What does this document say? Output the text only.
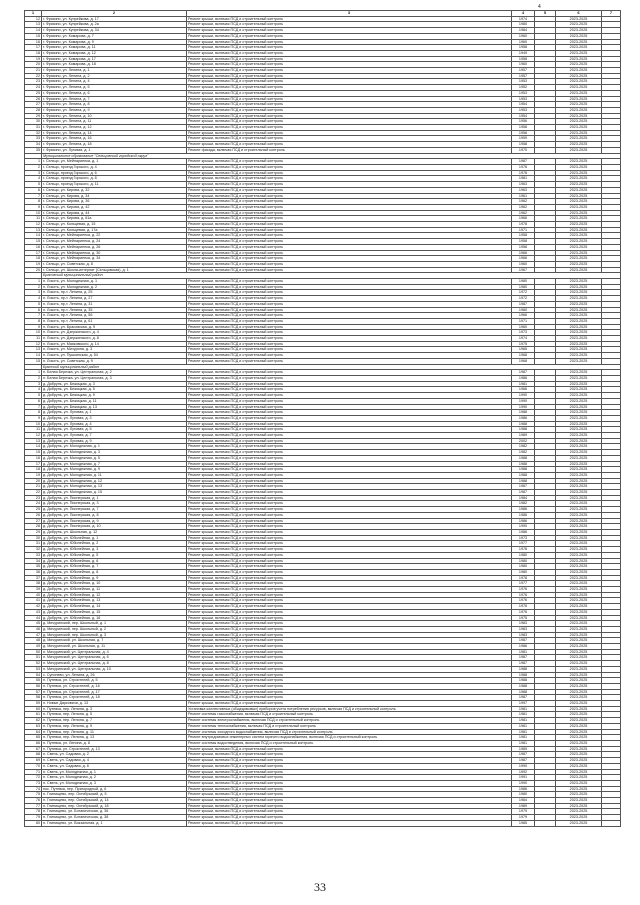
4
1	2	3	4	5	6	7
12	г. Фрязино, ул. Купрейкова, д. 17	Ремонт крыши, включая ПСД и строительный контроль	1974		2023-2025	
13	г. Фрязино, ул. Купрейкова, д. 2а	Ремонт крыши, включая ПСД и строительный контроль	1980		2023-2025	
14	г. Фрязино, ул. Купрейкова, д. 34	Ремонт крыши, включая ПСД и строительный контроль	1984		2023-2025	
15	г. Фрязино, ул. Комарова, д. 7	Ремонт крыши, включая ПСД и строительный контроль	1960		2023-2025	
16	г. Фрязино, ул. Комарова, д. 9	Ремонт крыши, включая ПСД и строительный контроль	1960		2023-2025	
17	г. Фрязино, ул. Комарова, д. 11	Ремонт крыши, включая ПСД и строительный контроль	1958		2023-2025	
18	г. Фрязино, ул. Комарова, д. 12	Ремонт крыши, включая ПСД и строительный контроль	1949		2023-2025	
19	г. Фрязино, ул. Комарова, д. 17	Ремонт крыши, включая ПСД и строительный контроль	1958		2023-2025	
20	г. Фрязино, ул. Комарова, д. 18	Ремонт крыши, включая ПСД и строительный контроль	1960		2023-2025	
21	г. Фрязино, ул. Ленина, д. 1	Ремонт крыши, включая ПСД и строительный контроль	1957		2023-2025	
22	г. Фрязино, ул. Ленина, д. 2	Ремонт крыши, включая ПСД и строительный контроль	1957		2023-2025	
23	г. Фрязино, ул. Ленина, д. 4	Ремонт крыши, включая ПСД и строительный контроль	1953		2023-2025	
24	г. Фрязино, ул. Ленина, д. 5	Ремонт крыши, включая ПСД и строительный контроль	1952		2023-2025	
25	г. Фрязино, ул. Ленина, д. 6	Ремонт крыши, включая ПСД и строительный контроль	1953		2023-2025	
26	г. Фрязино, ул. Ленина, д. 7	Ремонт крыши, включая ПСД и строительный контроль	1953		2023-2025	
27	г. Фрязино, ул. Ленина, д. 8	Ремонт крыши, включая ПСД и строительный контроль	1954		2023-2025	
28	г. Фрязино, ул. Ленина, д. 9	Ремонт крыши, включая ПСД и строительный контроль	1953		2023-2025	
29	г. Фрязино, ул. Ленина, д. 10	Ремонт крыши, включая ПСД и строительный контроль	1954		2023-2025	
30	г. Фрязино, ул. Ленина, д. 11	Ремонт крыши, включая ПСД и строительный контроль	1956		2023-2025	
31	г. Фрязино, ул. Ленина, д. 12	Ремонт крыши, включая ПСД и строительный контроль	1958		2023-2025	
32	г. Фрязино, ул. Ленина, д. 14	Ремонт крыши, включая ПСД и строительный контроль	1956		2023-2025	
33	г. Фрязино, ул. Ленина, д. 16	Ремонт крыши, включая ПСД и строительный контроль	1959		2023-2025	
34	г. Фрязино, ул. Ленина, д. 18	Ремонт крыши, включая ПСД и строительный контроль	1958		2023-2025	
35	г. Фрязино, ул. Луговая, д. 1	Ремонт фасада, включая ПСД и строительный контроль	1970		2023-2025	
	Муниципальное образование "Сельцовский городской округ"					
1	г. Сельцо, ул. Мейпариенка, д. 1	Ремонт крыши, включая ПСД и строительный контроль	1987		2023-2025	
2	г. Сельцо, проезд Горького, д. 4	Ремонт крыши, включая ПСД и строительный контроль	1976		2023-2025	
3	г. Сельцо, проезд Горького, д. 6	Ремонт крыши, включая ПСД и строительный контроль	1978		2023-2025	
4	г. Сельцо, проезд Горького, д. 8	Ремонт крыши, включая ПСД и строительный контроль	1981		2023-2025	
5	г. Сельцо, проезд Горького, д. 11	Ремонт крыши, включая ПСД и строительный контроль	1963		2023-2025	
6	г. Сельцо, ул. Кирова, д. 32	Ремонт крыши, включая ПСД и строительный контроль	1963		2023-2025	
7	г. Сельцо, ул. Кирова, д. 34	Ремонт крыши, включая ПСД и строительный контроль	1961		2023-2025	
8	г. Сельцо, ул. Кирова, д. 36	Ремонт крыши, включая ПСД и строительный контроль	1962		2023-2025	
9	г. Сельцо, ул. Кирова, д. 42	Ремонт крыши, включая ПСД и строительный контроль	1962		2023-2025	
10	г. Сельцо, ул. Кирова, д. 44	Ремонт крыши, включая ПСД и строительный контроль	1962		2023-2025	
11	г. Сельцо, ул. Кирова, д. 61а	Ремонт крыши, включая ПСД и строительный контроль	1966		2023-2025	
12	г. Сельцо, ул. Кольцевая, д. 15	Ремонт крыши, включая ПСД и строительный контроль	1978		2023-2025	
13	г. Сельцо, ул. Кольцевая, д. 17а	Ремонт крыши, включая ПСД и строительный контроль	1971		2023-2025	
14	г. Сельцо, ул. Мейпариенка, д. 22	Ремонт крыши, включая ПСД и строительный контроль	1958		2023-2025	
15	г. Сельцо, ул. Мейпариенка, д. 24	Ремонт крыши, включая ПСД и строительный контроль	1958		2023-2025	
16	г. Сельцо, ул. Мейпариенка, д. 26	Ремонт крыши, включая ПСД и строительный контроль	1958		2023-2025	
17	г. Сельцо, ул. Мейпариенка, д. 30	Ремонт крыши, включая ПСД и строительный контроль	1966		2023-2025	
18	г. Сельцо, ул. Мейпариенка, д. 34	Ремонт крыши, включая ПСД и строительный контроль	1966		2023-2025	
19	г. Сельцо, ул. Советская, д. 8	Ремонт крыши, включая ПСД и строительный контроль	1960		2023-2025	
20	г. Сельцо, ул. Школа-интернат (Сельцовская), д. 1	Ремонт крыши, включая ПСД и строительный контроль	1967		2023-2025	
	Брасовский муниципальный район					
1	п. Локоть, ул. Молодежная, д. 1	Ремонт крыши, включая ПСД и строительный контроль	1980		2023-2025	
2	п. Локоть, ул. Молодежная, д. 2	Ремонт крыши, включая ПСД и строительный контроль	1980		2023-2025	
3	п. Локоть, пр-т. Ленина, д. 25	Ремонт крыши, включая ПСД и строительный контроль	1972		2023-2025	
4	п. Локоть, пр-т. Ленина, д. 27	Ремонт крыши, включая ПСД и строительный контроль	1972		2023-2025	
5	п. Локоть, пр-т. Ленина, д. 31	Ремонт крыши, включая ПСД и строительный контроль	1987		2023-2025	
6	п. Локоть, пр-т. Ленина, д. 35	Ремонт крыши, включая ПСД и строительный контроль	1980		2023-2025	
7	п. Локоть, пр-т. Ленина, д. 56	Ремонт крыши, включая ПСД и строительный контроль	1966		2023-2025	
8	п. Локоть, пр-т. Ленина, д. 61	Ремонт крыши, включая ПСД и строительный контроль	1971		2023-2025	
9	п. Локоть, ул. Брасовская, д. 9	Ремонт крыши, включая ПСД и строительный контроль	1960		2023-2025	
10	п. Локоть, ул. Дзержинского, д. 4	Ремонт крыши, включая ПСД и строительный контроль	1973		2023-2025	
11	п. Локоть, ул. Дзержинского, д. 8	Ремонт крыши, включая ПСД и строительный контроль	1974		2023-2025	
12	п. Локоть, ул. Маяковского, д. 14	Ремонт крыши, включая ПСД и строительный контроль	1975		2023-2025	
13	п. Локоть, ул. Мичурина, д. 3	Ремонт крыши, включая ПСД и строительный контроль	1965		2023-2025	
14	п. Локоть, ул. Пушкинская, д. 54	Ремонт крыши, включая ПСД и строительный контроль	1968		2023-2025	
15	п. Локоть, ул. Советская, д. 9	Ремонт крыши, включая ПСД и строительный контроль	1968		2023-2025	
	Брянский муниципальный район					
1	п. Белая Березка, ул. Центральная, д. 2	Ремонт крыши, включая ПСД и строительный контроль	1987		2023-2025	
2	п. Белая Березка, ул. Центральная, д. 3	Ремонт крыши, включая ПСД и строительный контроль	1986		2023-2025	
3	д. Добрунь, ул. Бежицкая, д. 3	Ремонт крыши, включая ПСД и строительный контроль	1981		2023-2025	
4	д. Добрунь, ул. Бежицкая, д. 5	Ремонт крыши, включая ПСД и строительный контроль	1966		2023-2025	
5	д. Добрунь, ул. Бежицкая, д. 9	Ремонт крыши, включая ПСД и строительный контроль	1990		2023-2025	
6	д. Добрунь, ул. Бежицкая, д. 11	Ремонт крыши, включая ПСД и строительный контроль	1990		2023-2025	
7	д. Добрунь, ул. Бежицкая, д. 13	Ремонт крыши, включая ПСД и строительный контроль	1990		2023-2025	
8	д. Добрунь, ул. Луговая, д. 1	Ремонт крыши, включая ПСД и строительный контроль	1988		2023-2025	
9	д. Добрунь, ул. Луговая, д. 3	Ремонт крыши, включая ПСД и строительный контроль	1986		2023-2025	
10	д. Добрунь, ул. Луговая, д. 4	Ремонт крыши, включая ПСД и строительный контроль	1988		2023-2025	
11	д. Добрунь, ул. Луговая, д. 5	Ремонт крыши, включая ПСД и строительный контроль	1988		2023-2025	
12	д. Добрунь, ул. Луговая, д. 7	Ремонт крыши, включая ПСД и строительный контроль	1989		2023-2025	
13	д. Добрунь, ул. Луговая, д. 9	Ремонт крыши, включая ПСД и строительный контроль	2002		2023-2025	
14	д. Добрунь, ул. Молодежная, д. 1	Ремонт крыши, включая ПСД и строительный контроль	1982		2023-2025	
15	д. Добрунь, ул. Молодежная, д. 3	Ремонт крыши, включая ПСД и строительный контроль	1982		2023-2025	
16	д. Добрунь, ул. Молодежная, д. 5	Ремонт крыши, включая ПСД и строительный контроль	1988		2023-2025	
17	д. Добрунь, ул. Молодежная, д. 7	Ремонт крыши, включая ПСД и строительный контроль	1988		2023-2025	
18	д. Добрунь, ул. Молодежная, д. 9	Ремонт крыши, включая ПСД и строительный контроль	1988		2023-2025	
19	д. Добрунь, ул. Молодежная, д. 11	Ремонт крыши, включая ПСД и строительный контроль	1988		2023-2025	
20	д. Добрунь, ул. Молодежная, д. 12	Ремонт крыши, включая ПСД и строительный контроль	1988		2023-2025	
21	д. Добрунь, ул. Молодежная, д. 13	Ремонт крыши, включая ПСД и строительный контроль	1987		2023-2025	
22	д. Добрунь, ул. Молодежная, д. 15	Ремонт крыши, включая ПСД и строительный контроль	1987		2023-2025	
23	д. Добрунь, ул. Пионерская, д. 1	Ремонт крыши, включая ПСД и строительный контроль	1984		2023-2025	
24	д. Добрунь, ул. Пионерская, д. 3	Ремонт крыши, включая ПСД и строительный контроль	1982		2023-2025	
25	д. Добрунь, ул. Пионерская, д. 7	Ремонт крыши, включая ПСД и строительный контроль	1986		2023-2025	
26	д. Добрунь, ул. Пионерская, д. 8	Ремонт крыши, включая ПСД и строительный контроль	1986		2023-2025	
27	д. Добрунь, ул. Пионерская, д. 9	Ремонт крыши, включая ПСД и строительный контроль	1986		2023-2025	
28	д. Добрунь, ул. Пионерская, д. 10	Ремонт крыши, включая ПСД и строительный контроль	1990		2023-2025	
29	д. Добрунь, ул. Школьная, д. 12	Ремонт крыши, включая ПСД и строительный контроль	1986		2023-2025	
30	д. Добрунь, ул. Юбилейная, д. 1	Ремонт крыши, включая ПСД и строительный контроль	1973		2023-2025	
31	д. Добрунь, ул. Юбилейная, д. 2	Ремонт крыши, включая ПСД и строительный контроль	1977		2023-2025	
32	д. Добрунь, ул. Юбилейная, д. 3	Ремонт крыши, включая ПСД и строительный контроль	1978		2023-2025	
33	д. Добрунь, ул. Юбилейная, д. 5	Ремонт крыши, включая ПСД и строительный контроль	1980		2023-2025	
34	д. Добрунь, ул. Юбилейная, д. 6	Ремонт крыши, включая ПСД и строительный контроль	1980		2023-2025	
35	д. Добрунь, ул. Юбилейная, д. 7	Ремонт крыши, включая ПСД и строительный контроль	1980		2023-2025	
36	д. Добрунь, ул. Юбилейная, д. 8	Ремонт крыши, включая ПСД и строительный контроль	1980		2023-2025	
37	д. Добрунь, ул. Юбилейная, д. 9	Ремонт крыши, включая ПСД и строительный контроль	1978		2023-2025	
38	д. Добрунь, ул. Юбилейная, д. 10	Ремонт крыши, включая ПСД и строительный контроль	1977		2023-2025	
39	д. Добрунь, ул. Юбилейная, д. 11	Ремонт крыши, включая ПСД и строительный контроль	1976		2023-2025	
40	д. Добрунь, ул. Юбилейная, д. 12	Ремонт крыши, включая ПСД и строительный контроль	1976		2023-2025	
41	д. Добрунь, ул. Юбилейная, д. 13	Ремонт крыши, включая ПСД и строительный контроль	1976		2023-2025	
42	д. Добрунь, ул. Юбилейная, д. 14	Ремонт крыши, включая ПСД и строительный контроль	1976		2023-2025	
43	д. Добрунь, ул. Юбилейная, д. 15	Ремонт крыши, включая ПСД и строительный контроль	1976		2023-2025	
44	д. Добрунь, ул. Юбилейная, д. 16	Ремонт крыши, включая ПСД и строительный контроль	1975		2023-2025	
45	д. Мичуринский, пер. Школьный, д. 1	Ремонт крыши, включая ПСД и строительный контроль	1983		2023-2025	
46	д. Мичуринский, пер. Школьный, д. 2	Ремонт крыши, включая ПСД и строительный контроль	1983		2023-2025	
47	д. Мичуринский, пер. Школьный, д. 3	Ремонт крыши, включая ПСД и строительный контроль	1983		2023-2025	
48	д. Мичуринский, ул. Школьная, д. 7	Ремонт крыши, включая ПСД и строительный контроль	1987		2023-2025	
49	д. Мичуринский, ул. Школьная, д. 11	Ремонт крыши, включая ПСД и строительный контроль	1986		2023-2025	
50	п. Мичуринский, ул. Центральная, д. 4	Ремонт крыши, включая ПСД и строительный контроль	1981		2023-2025	
51	п. Мичуринский, ул. Центральная, д. 6	Ремонт крыши, включая ПСД и строительный контроль	1987		2023-2025	
52	п. Мичуринский, ул. Центральная, д. 8	Ремонт крыши, включая ПСД и строительный контроль	1987		2023-2025	
53	п. Мичуринский, ул. Центральная, д. 10	Ремонт крыши, включая ПСД и строительный контроль	1988		2023-2025	
54	с. Супонево, ул. Ленина, д. 26	Ремонт крыши, включая ПСД и строительный контроль	1988		2023-2025	
55	п. Путевка, ул. Строителей, д. 5	Ремонт крыши, включая ПСД и строительный контроль	1988		2023-2025	
56	п. Путевка, ул. Строителей, д. 16	Ремонт крыши, включая ПСД и строительный контроль	1988		2023-2025	
57	п. Путевка, ул. Строителей, д. 17	Ремонт крыши, включая ПСД и строительный контроль	1988		2023-2025	
58	п. Путевка, ул. Строителей, д. 18	Ремонт крыши, включая ПСД и строительный контроль	1987		2023-2025	
59	п. Новые Дарковичи, д. 13	Ремонт крыши, включая ПСД и строительный контроль	1997		2023-2025	
60	п. Путевка, пер. Ленина, д. 3	Установка коллективных (общедомовых) приборов учета потребления ресурсов, включая ПСД и строительный контроль	1981		2023-2025	
61	п. Путевка, пер. Ленина, д. 5	Ремонт системы газоснабжения, включая ПСД и строительный контроль	1981		2023-2025	
62	п. Путевка, пер. Ленина, д. 7	Ремонт системы электроснабжения, включая ПСД и строительный контроль	1981		2023-2025	
63	п. Путевка, пер. Ленина, д. 9	Ремонт системы теплоснабжения, включая ПСД и строительный контроль	1981		2023-2025	
64	п. Путевка, пер. Ленина, д. 11	Ремонт системы холодного водоснабжения, включая ПСД и строительный контроль	1981		2023-2025	
65	п. Путевка, пер. Ленина, д. 13	Ремонт внутридомовых инженерных систем горячего водоснабжения, включая ПСД и строительный контроль	1981		2023-2025	
66	п. Путевка, ул. Ленина, д. 8	Ремонт системы водоотведения, включая ПСД и строительный контроль	1981		2023-2025	
67	п. Путевка, ул. Строителей, д. 13	Ремонт крыши, включая ПСД и строительный контроль	1989		2023-2025	
68	п. Свень, ул. Садовая, д. 2	Ремонт крыши, включая ПСД и строительный контроль	1987		2023-2025	
69	п. Свень, ул. Садовая, д. 4	Ремонт крыши, включая ПСД и строительный контроль	1987		2023-2025	
70	п. Свень, ул. Садовая, д. 6	Ремонт крыши, включая ПСД и строительный контроль	1990		2023-2025	
71	п. Свень, ул. Молодежная, д. 1	Ремонт крыши, включая ПСД и строительный контроль	1992		2023-2025	
72	п. Свень, ул. Молодежная, д. 2	Ремонт крыши, включая ПСД и строительный контроль	1991		2023-2025	
73	п. Свень, ул. Молодежная, д. 3	Ремонт крыши, включая ПСД и строительный контроль	1990		2023-2025	
74	пос. Путевка, пер. Пригородный, д. 6	Ремонт крыши, включая ПСД и строительный контроль	1986		2023-2025	
75	п. Глинищево, пер. Октябрьский, д. 5	Ремонт крыши, включая ПСД и строительный контроль	1980		2023-2025	
76	п. Глинищево, пер. Октябрьский, д. 14	Ремонт крыши, включая ПСД и строительный контроль	1984		2023-2025	
77	п. Глинищево, пер. Октябрьский, д. 18	Ремонт крыши, включая ПСД и строительный контроль	1989		2023-2025	
78	п. Глинищево, ул. Ботаническая, д. 36	Ремонт крыши, включая ПСД и строительный контроль	1979		2023-2025	
79	п. Глинищево, ул. Ботаническая, д. 38	Ремонт крыши, включая ПСД и строительный контроль	1979		2023-2025	
80	п. Глинищево, ул. Вокзальная, д. 1	Ремонт крыши, включая ПСД и строительный контроль	1985		2023-2025	
33
